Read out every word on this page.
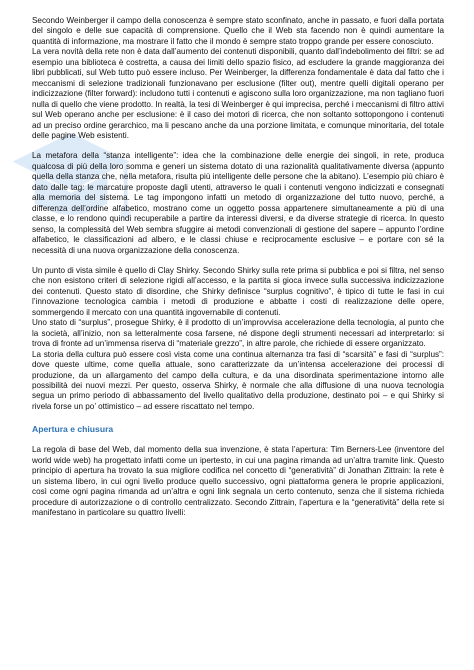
Secondo Weinberger il campo della conoscenza è sempre stato sconfinato, anche in passato, e fuori dalla portata del singolo e delle sue capacità di comprensione. Quello che il Web sta facendo non è quindi aumentare la quantità di informazione, ma mostrare il fatto che il mondo è sempre stato troppo grande per essere conosciuto.

La vera novità della rete non è data dall’aumento dei contenuti disponibili, quanto dall’indebolimento dei filtri: se ad esempio una biblioteca è costretta, a causa dei limiti dello spazio fisico, ad escludere la grande maggioranza dei libri pubblicati, sul Web tutto può essere incluso. Per Weinberger, la differenza fondamentale è data dal fatto che i meccanismi di selezione tradizionali funzionavano per esclusione (filter out), mentre quelli digitali operano per indicizzazione (filter forward): includono tutti i contenuti e agiscono sulla loro organizzazione, ma non tagliano fuori nulla di quello che viene prodotto. In realtà, la tesi di Weinberger è qui imprecisa, perché i meccanismi di filtro attivi sul Web operano anche per esclusione: è il caso dei motori di ricerca, che non soltanto sottopongono i contenuti ad un preciso ordine gerarchico, ma li pescano anche da una porzione limitata, e comunque minoritaria, del totale delle pagine Web esistenti.

La metafora della “stanza intelligente”: idea che la combinazione delle energie dei singoli, in rete, produca qualcosa di più della loro somma e generi un sistema dotato di una razionalità qualitativamente diversa (appunto quella della stanza che, nella metafora, risulta più intelligente delle persone che la abitano). L’esempio più chiaro è dato dalle tag: le marcature proposte dagli utenti, attraverso le quali i contenuti vengono indicizzati e consegnati alla memoria del sistema. Le tag impongono infatti un metodo di organizzazione del tutto nuovo, perché, a differenza dell’ordine alfabetico, mostrano come un oggetto possa appartenere simultaneamente a più di una classe, e lo rendono quindi recuperabile a partire da interessi diversi, e da diverse strategie di ricerca. In questo senso, la complessità del Web sembra sfuggire ai metodi convenzionali di gestione del sapere – appunto l’ordine alfabetico, le classificazioni ad albero, e le classi chiuse e reciprocamente esclusive – e portare con sé la necessità di una nuova organizzazione della conoscenza.

Un punto di vista simile è quello di Clay Shirky. Secondo Shirky sulla rete prima si pubblica e poi si filtra, nel senso che non esistono criteri di selezione rigidi all’accesso, e la partita si gioca invece sulla successiva indicizzazione dei contenuti. Questo stato di disordine, che Shirky definisce “surplus cognitivo”, è tipico di tutte le fasi in cui l’innovazione tecnologica cambia i metodi di produzione e abbatte i costi di realizzazione delle opere, sommergendo il mercato con una quantità ingovernabile di contenuti.

Uno stato di “surplus”, prosegue Shirky, è il prodotto di un’improvvisa accelerazione della tecnologia, al punto che la società, all’inizio, non sa letteralmente cosa farsene, né dispone degli strumenti necessari ad interpretarlo: si trova di fronte ad un’immensa riserva di “materiale grezzo”, in altre parole, che richiede di essere organizzato.

La storia della cultura può essere così vista come una continua alternanza tra fasi di “scarsità” e fasi di “surplus”: dove queste ultime, come quella attuale, sono caratterizzate da un’intensa accelerazione dei processi di produzione, da un allargamento del campo della cultura, e da una disordinata sperimentazione intorno alle possibilità dei nuovi mezzi. Per questo, osserva Shirky, è normale che alla diffusione di una nuova tecnologia segua un primo periodo di abbassamento del livello qualitativo della produzione, destinato poi – e qui Shirky si rivela forse un po’ ottimistico – ad essere riscattato nel tempo.

Apertura e chiusura

La regola di base del Web, dal momento della sua invenzione, è stata l’apertura: Tim Berners-Lee (inventore del world wide web) ha progettato infatti come un ipertesto, in cui una pagina rimanda ad un’altra tramite link. Questo principio di apertura ha trovato la sua migliore codifica nel concetto di “generatività” di Jonathan Zittrain: la rete è un sistema libero, in cui ogni livello produce quello successivo, ogni piattaforma genera le proprie applicazioni, così come ogni pagina rimanda ad un’altra e ogni link segnala un certo contenuto, senza che il sistema richieda procedure di autorizzazione o di controllo centralizzato. Secondo Zittrain, l’apertura e la “generatività” della rete si manifestano in particolare su quattro livelli:
